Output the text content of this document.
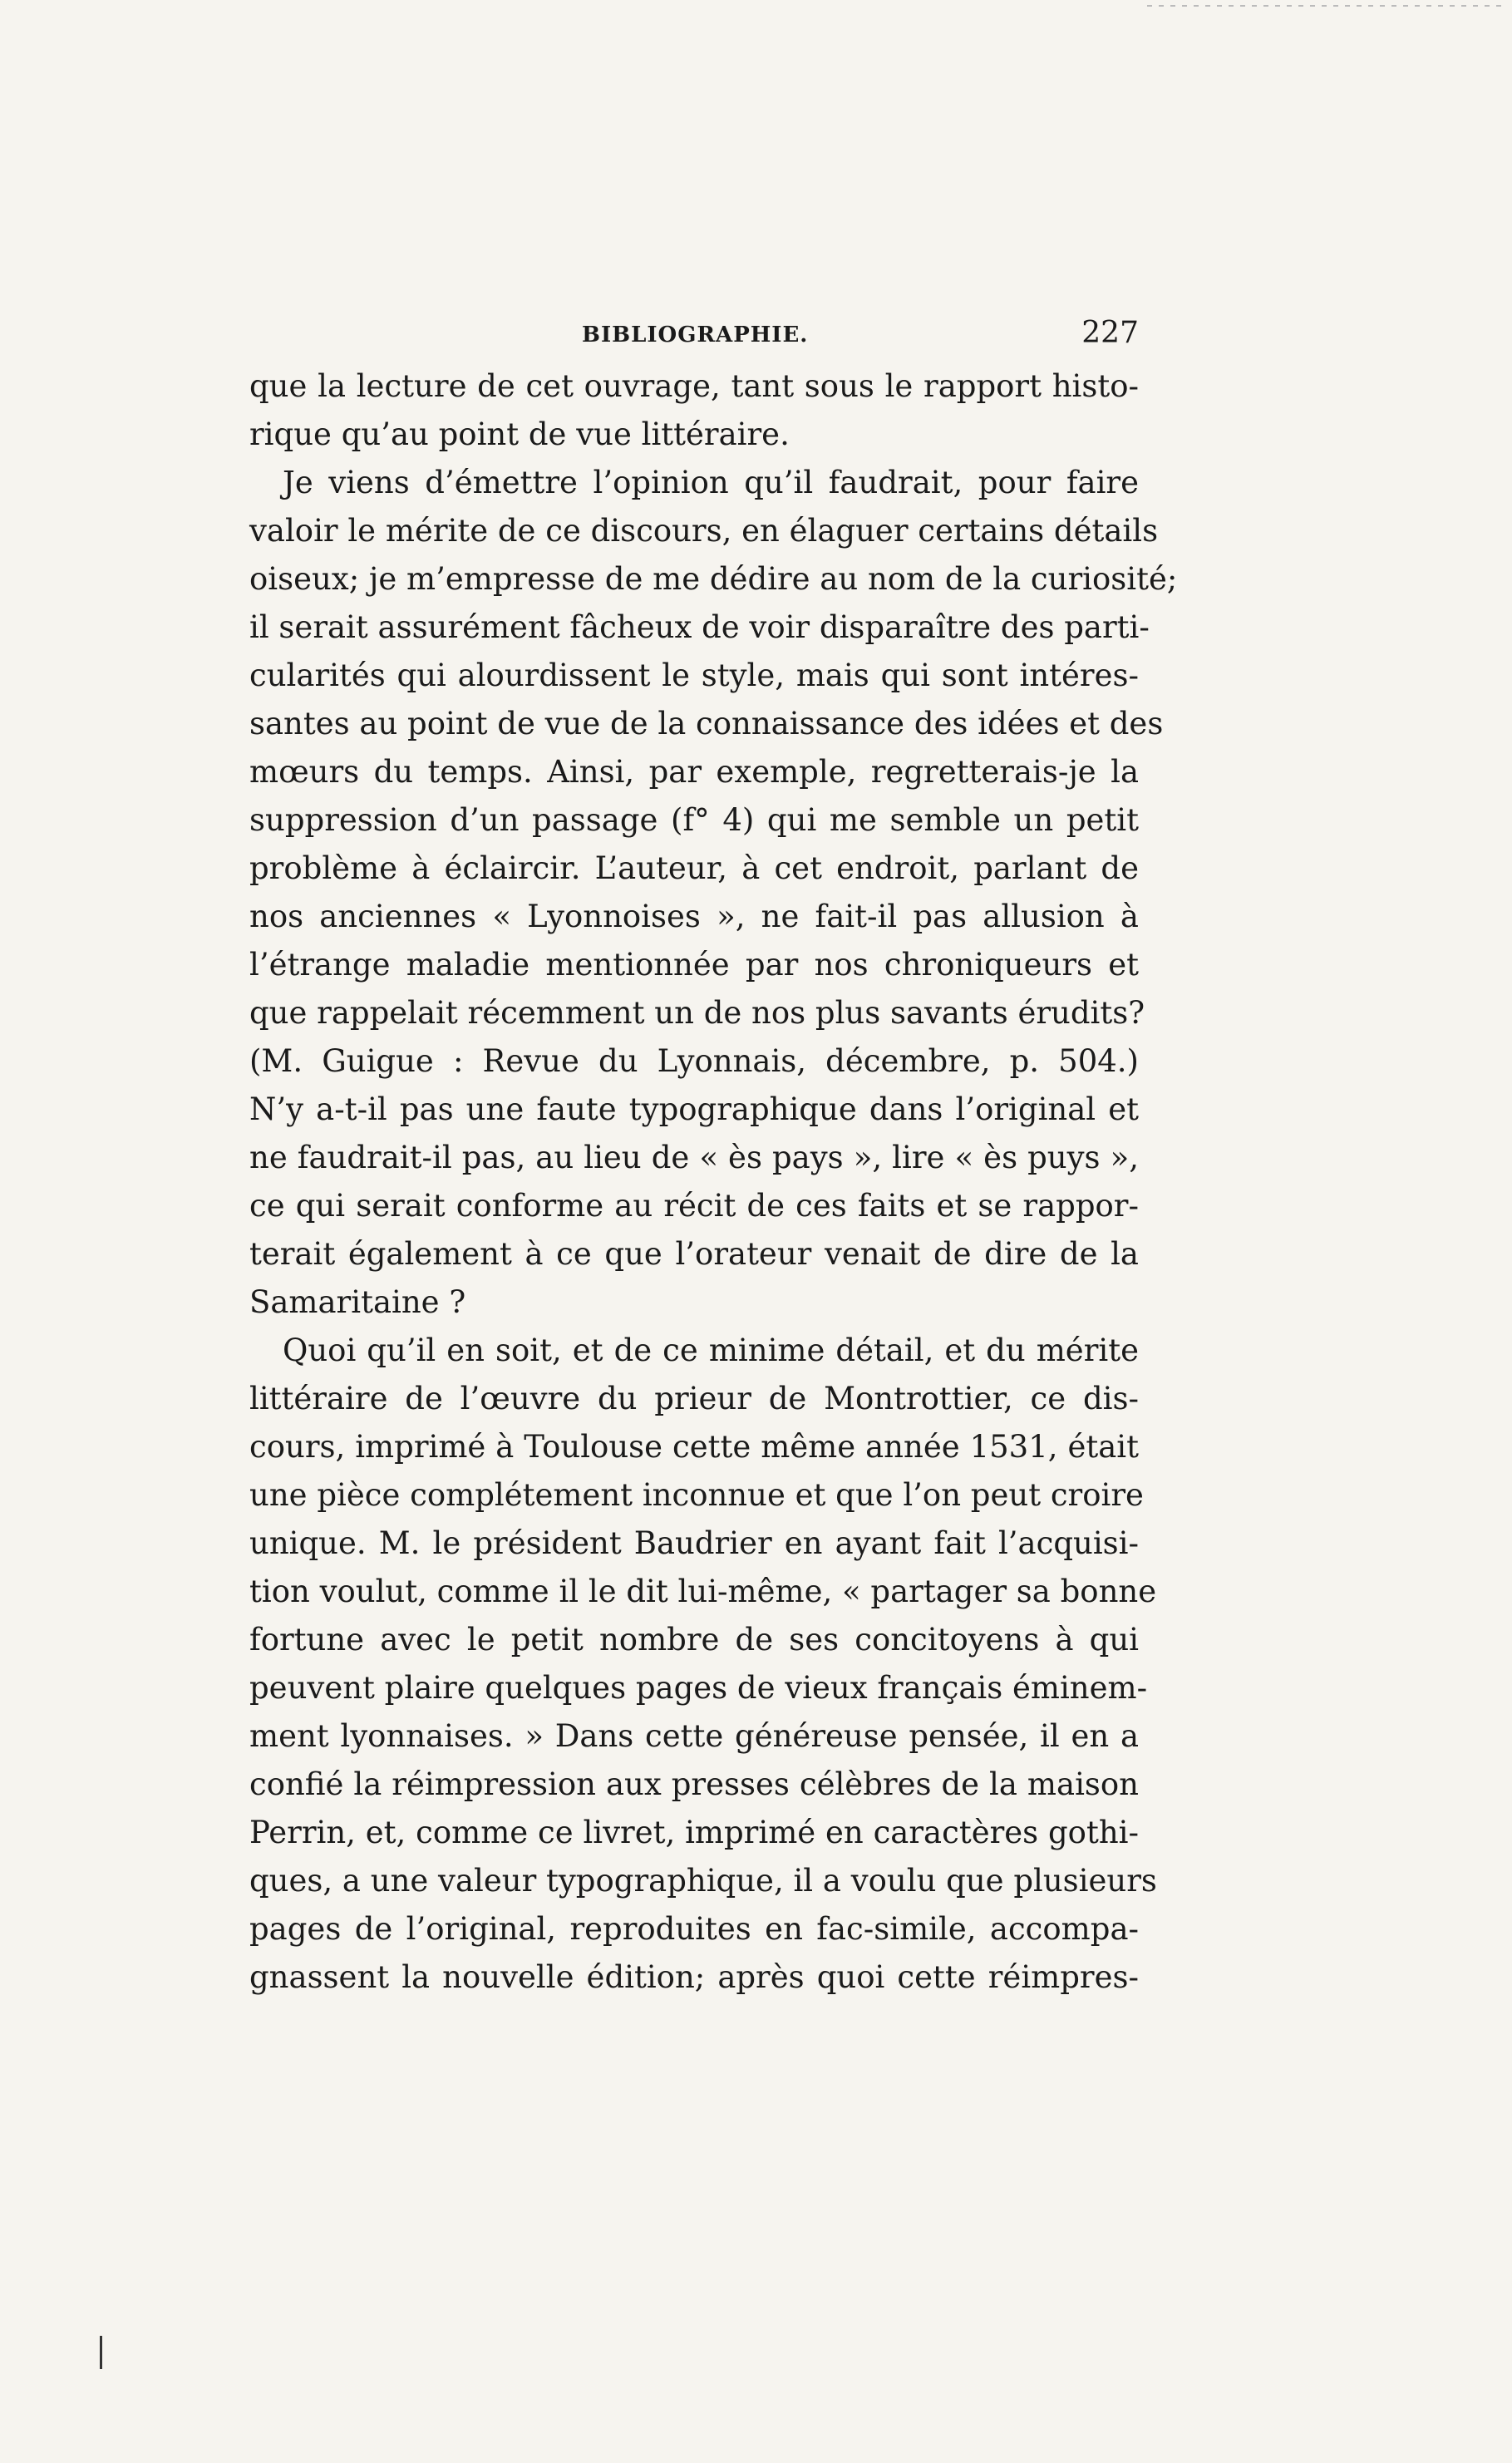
BIBLIOGRAPHIE.	227
que la lecture de cet ouvrage, tant sous le rapport histo-
rique qu’au point de vue littéraire.
Je viens d’émettre l’opinion qu’il faudrait, pour faire
valoir le mérite de ce discours, en élaguer certains détails
oiseux; je m’empresse de me dédire au nom de la curiosité;
il serait assurément fâcheux de voir disparaître des parti-
cularités qui alourdissent le style, mais qui sont intéres-
santes au point de vue de la connaissance des idées et des
mœurs du temps. Ainsi, par exemple, regretterais-je la
suppression d’un passage (f° 4) qui me semble un petit
problème à éclaircir. L’auteur, à cet endroit, parlant de
nos anciennes « Lyonnoises », ne fait-il pas allusion à
l’étrange maladie mentionnée par nos chroniqueurs et
que rappelait récemment un de nos plus savants érudits?
(M. Guigue : Revue du Lyonnais, décembre, p. 504.)
N’y a-t-il pas une faute typographique dans l’original et
ne faudrait-il pas, au lieu de « ès pays », lire « ès puys »,
ce qui serait conforme au récit de ces faits et se rappor-
terait également à ce que l’orateur venait de dire de la
Samaritaine ?
Quoi qu’il en soit, et de ce minime détail, et du mérite
littéraire de l’œuvre du prieur de Montrottier, ce dis-
cours, imprimé à Toulouse cette même année 1531, était
une pièce complétement inconnue et que l’on peut croire
unique. M. le président Baudrier en ayant fait l’acquisi-
tion voulut, comme il le dit lui-même, « partager sa bonne
fortune avec le petit nombre de ses concitoyens à qui
peuvent plaire quelques pages de vieux français éminem-
ment lyonnaises. » Dans cette généreuse pensée, il en a
confié la réimpression aux presses célèbres de la maison
Perrin, et, comme ce livret, imprimé en caractères gothi-
ques, a une valeur typographique, il a voulu que plusieurs
pages de l’original, reproduites en fac-simile, accompa-
gnassent la nouvelle édition; après quoi cette réimpres-
